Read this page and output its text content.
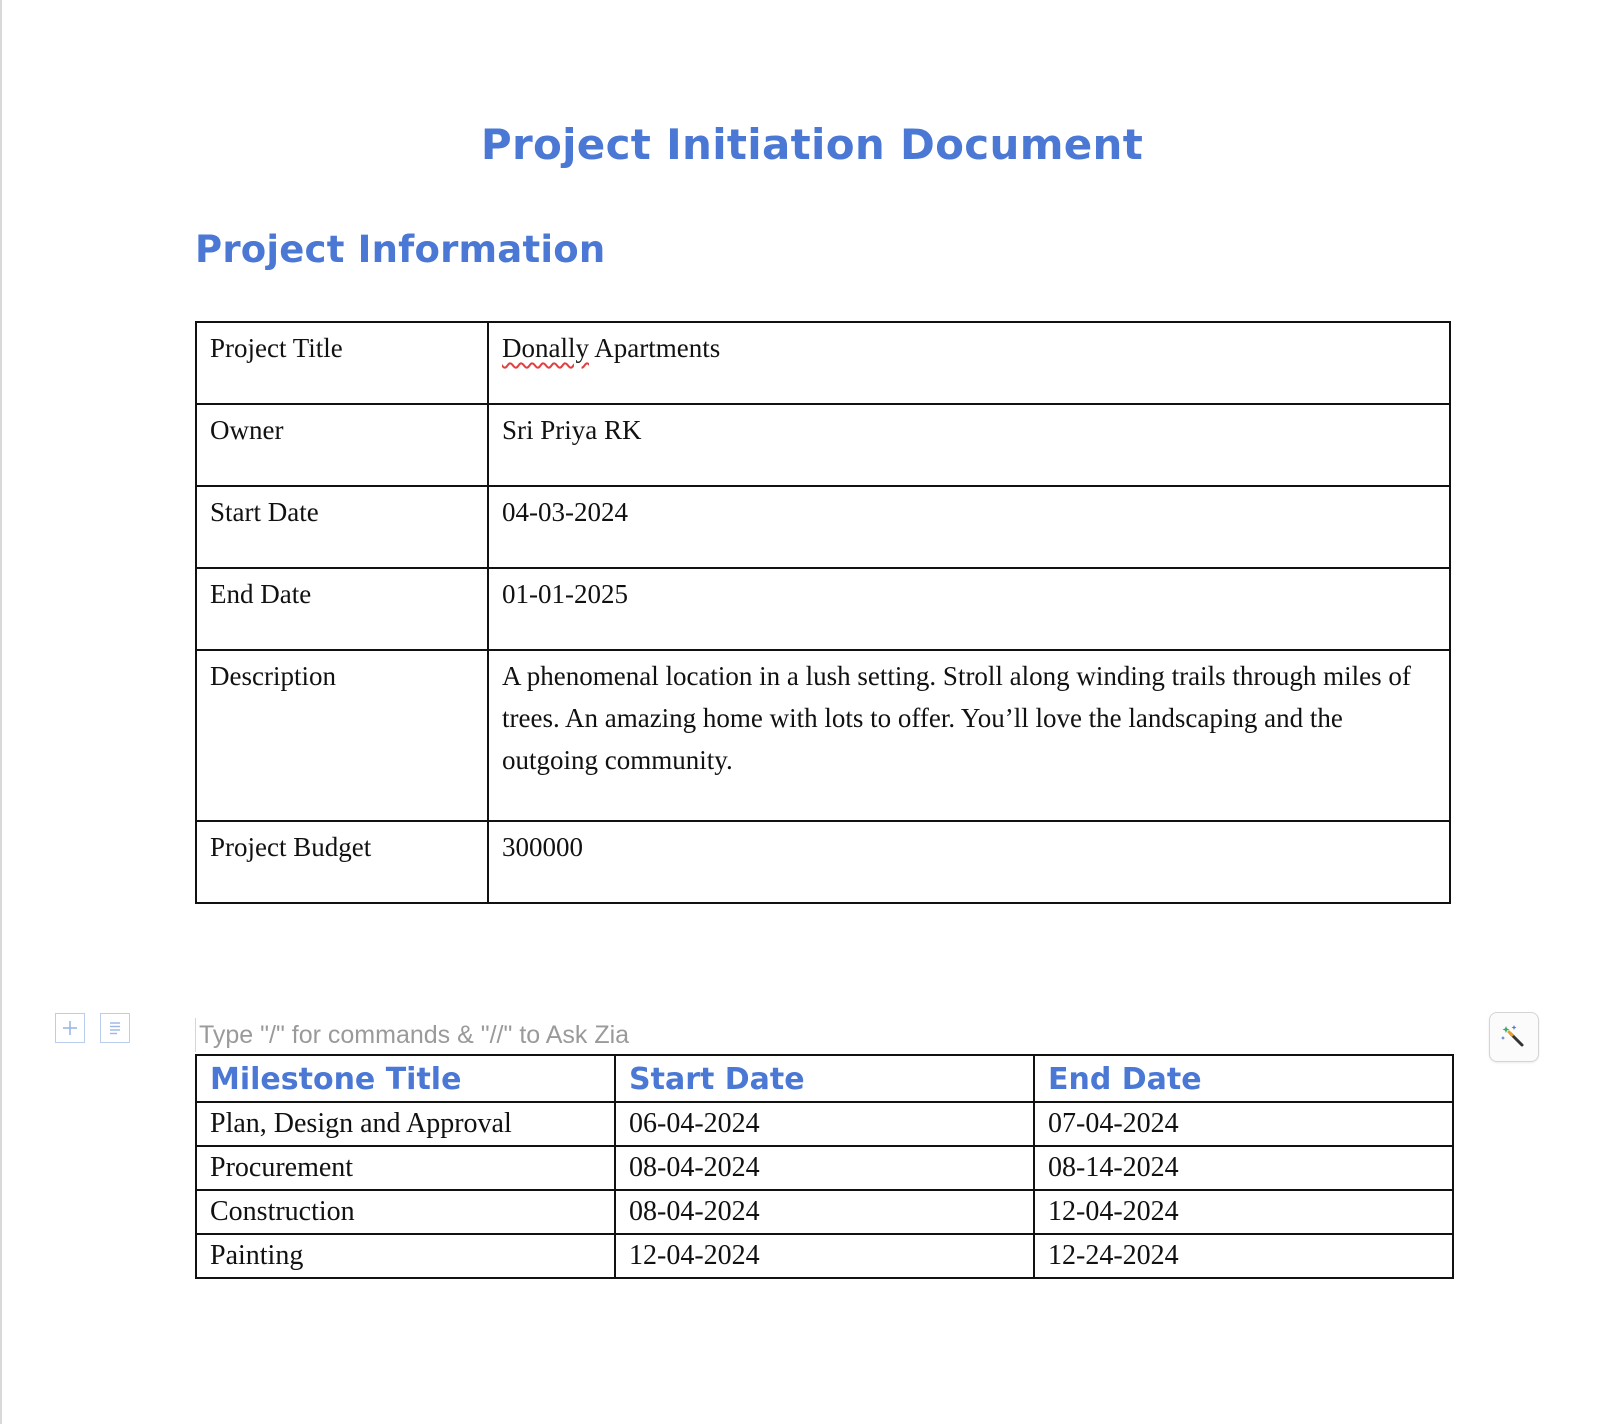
Project Initiation Document
Project Information
Project Title	Donally Apartments
Owner	Sri Priya RK
Start Date	04-03-2024
End Date	01-01-2025
Description	A phenomenal location in a lush setting. Stroll along winding trails through miles of trees. An amazing home with lots to offer. You’ll love the landscaping and the outgoing community.
Project Budget	300000
Type "/" for commands & "//" to Ask Zia
Milestone Title	Start Date	End Date
Plan, Design and Approval	06-04-2024	07-04-2024
Procurement	08-04-2024	08-14-2024
Construction	08-04-2024	12-04-2024
Painting	12-04-2024	12-24-2024
